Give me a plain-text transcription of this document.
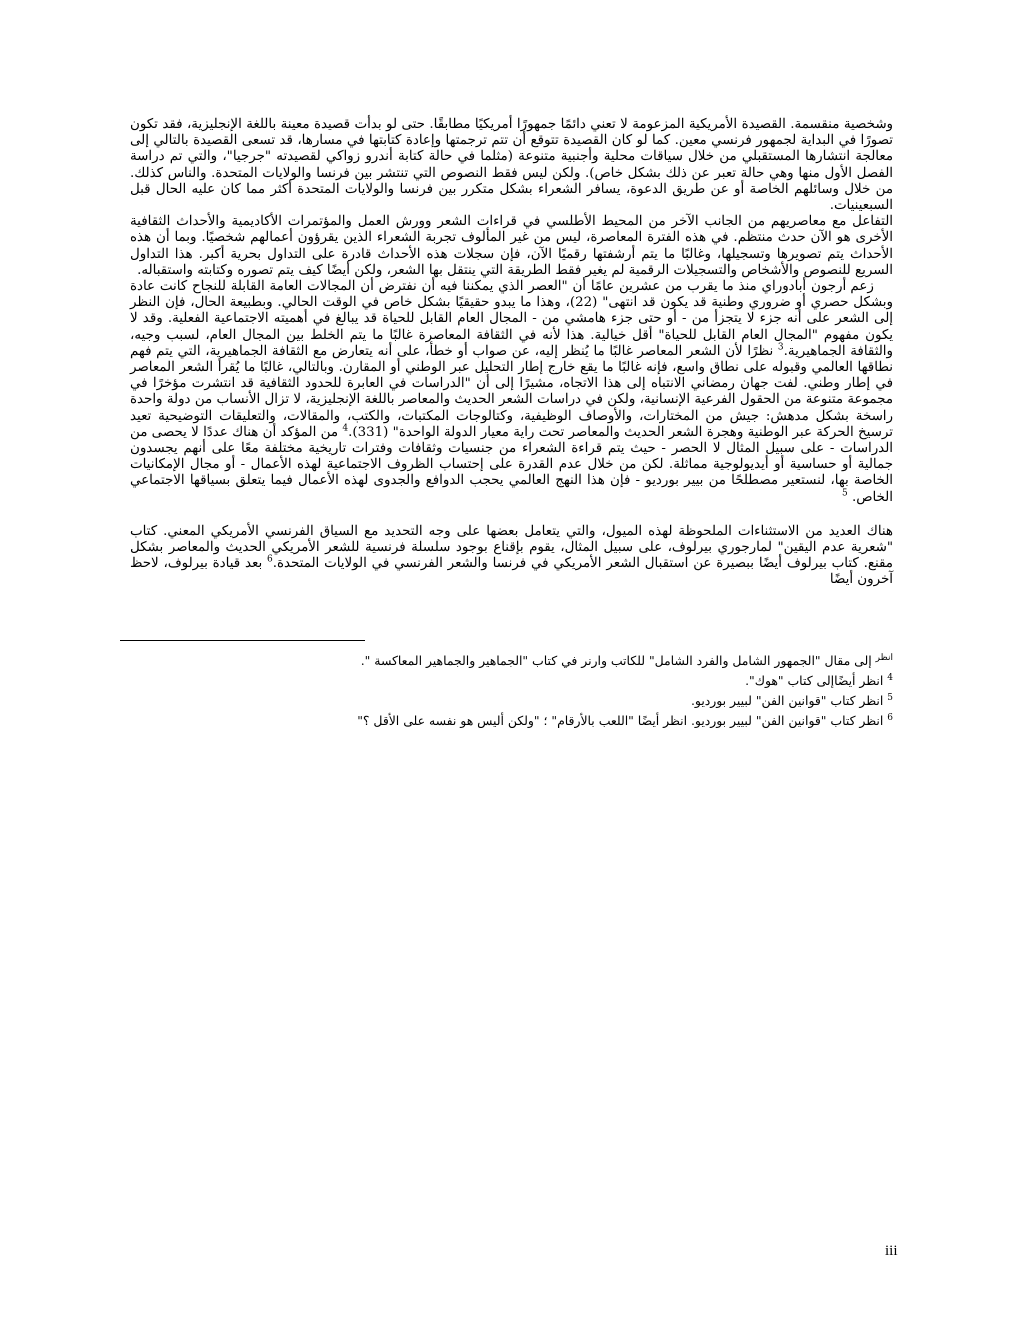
وشخصية منقسمة. القصيدة الأمريكية المزعومة لا تعني دائمًا جمهورًا أمريكيًا مطابقًا. حتى لو بدأت قصيدة معينة باللغة الإنجليزية، فقد تكون تصورًا في البداية لجمهور فرنسي معين. كما لو كان القصيدة تتوقع أن تتم ترجمتها وإعادة كتابتها في مسارها، قد تسعى القصيدة بالتالي إلى معالجة انتشارها المستقبلي من خلال سياقات محلية وأجنبية متنوعة (مثلما في حالة كتابة أندرو زواكي لقصيدته "جرجيا"، والتي تم دراسة الفصل الأول منها وهي حالة تعبر عن ذلك بشكل خاص). ولكن ليس فقط النصوص التي تنتشر بين فرنسا والولايات المتحدة. والناس كذلك. من خلال وسائلهم الخاصة أو عن طريق الدعوة، يسافر الشعراء بشكل متكرر بين فرنسا والولايات المتحدة أكثر مما كان عليه الحال قبل السبعينيات.

التفاعل مع معاصريهم من الجانب الآخر من المحيط الأطلسي في قراءات الشعر وورش العمل والمؤتمرات الأكاديمية والأحداث الثقافية الأخرى هو الآن حدث منتظم. في هذه الفترة المعاصرة، ليس من غير المألوف تجربة الشعراء الذين يقرؤون أعمالهم شخصيًا. وبما أن هذه الأحداث يتم تصويرها وتسجيلها، وغالبًا ما يتم أرشفتها رقميًا الآن، فإن سجلات هذه الأحداث قادرة على التداول بحرية أكبر. هذا التداول السريع للنصوص والأشخاص والتسجيلات الرقمية لم يغير فقط الطريقة التي ينتقل بها الشعر، ولكن أيضًا كيف يتم تصوره وكتابته واستقباله.

زعم أرجون أبادوراي منذ ما يقرب من عشرين عامًا أن "العصر الذي يمكننا فيه أن نفترض أن المجالات العامة القابلة للنجاح كانت عادة وبشكل حصري أو ضروري وطنية قد يكون قد انتهى" (22)، وهذا ما يبدو حقيقيًا بشكل خاص في الوقت الحالي. وبطبيعة الحال، فإن النظر إلى الشعر على أنه جزء لا يتجزأ من - أو حتى جزء هامشي من - المجال العام القابل للحياة قد يبالغ في أهميته الاجتماعية الفعلية. وقد لا يكون مفهوم "المجال العام القابل للحياة" أقل خيالية. هذا لأنه في الثقافة المعاصرة غالبًا ما يتم الخلط بين المجال العام، لسبب وجيه، والثقافة الجماهيرية.$^3$ نظرًا لأن الشعر المعاصر غالبًا ما يُنظر إليه، عن صواب أو خطأ، على أنه يتعارض مع الثقافة الجماهيرية، التي يتم فهم نطاقها العالمي وقبوله على نطاق واسع، فإنه غالبًا ما يقع خارج إطار التحليل عبر الوطني أو المقارن. وبالتالي، غالبًا ما يُقرأ الشعر المعاصر في إطار وطني. لفت جهان رمضاني الانتباه إلى هذا الاتجاه، مشيرًا إلى أن "الدراسات في العابرة للحدود الثقافية قد انتشرت مؤخرًا في مجموعة متنوعة من الحقول الفرعية الإنسانية، ولكن في دراسات الشعر الحديث والمعاصر باللغة الإنجليزية، لا تزال الأنساب من دولة واحدة راسخة بشكل مدهش: جيش من المختارات، والأوصاف الوظيفية، وكتالوجات المكتبات، والكتب، والمقالات، والتعليقات التوضيحية تعيد ترسيخ الحركة عبر الوطنية وهجرة الشعر الحديث والمعاصر تحت راية معيار الدولة الواحدة" (331).$^4$ من المؤكد أن هناك عددًا لا يحصى من الدراسات - على سبيل المثال لا الحصر - حيث يتم قراءة الشعراء من جنسيات وثقافات وفترات تاريخية مختلفة معًا على أنهم يجسدون جمالية أو حساسية أو أيديولوجية مماثلة. لكن من خلال عدم القدرة على إحتساب الظروف الاجتماعية لهذه الأعمال - أو مجال الإمكانيات الخاصة بها، لنستعير مصطلحًا من بيير بورديو - فإن هذا النهج العالمي يحجب الدوافع والجدوى لهذه الأعمال فيما يتعلق بسياقها الاجتماعي الخاص. $^5$

هناك العديد من الاستثناءات الملحوظة لهذه الميول، والتي يتعامل بعضها على وجه التحديد مع السياق الفرنسي الأمريكي المعني. كتاب "شعرية عدم اليقين" لمارجوري بيرلوف، على سبيل المثال، يقوم بإقناع بوجود سلسلة فرنسية للشعر الأمريكي الحديث والمعاصر بشكل مقنع. كتاب بيرلوف أيضًا ببصيرة عن استقبال الشعر الأمريكي في فرنسا والشعر الفرنسي في الولايات المتحدة.$^6$ بعد قيادة بيرلوف، لاحظ آخرون أيضًا

$^{انظر}$ إلى مقال "الجمهور الشامل والفرد الشامل" للكاتب وارنر في كتاب "الجماهير والجماهير المعاكسة ".

$^4$ انظر أيضًاإلى كتاب "هوك".

$^5$ انظر كتاب "قوانين الفن" لبيير بورديو.

$^6$ انظر كتاب "قوانين الفن" لبيير بورديو. انظر أيضًا "اللعب بالأرقام" ؛ "ولكن أليس هو نفسه على الأقل ؟"

iii
